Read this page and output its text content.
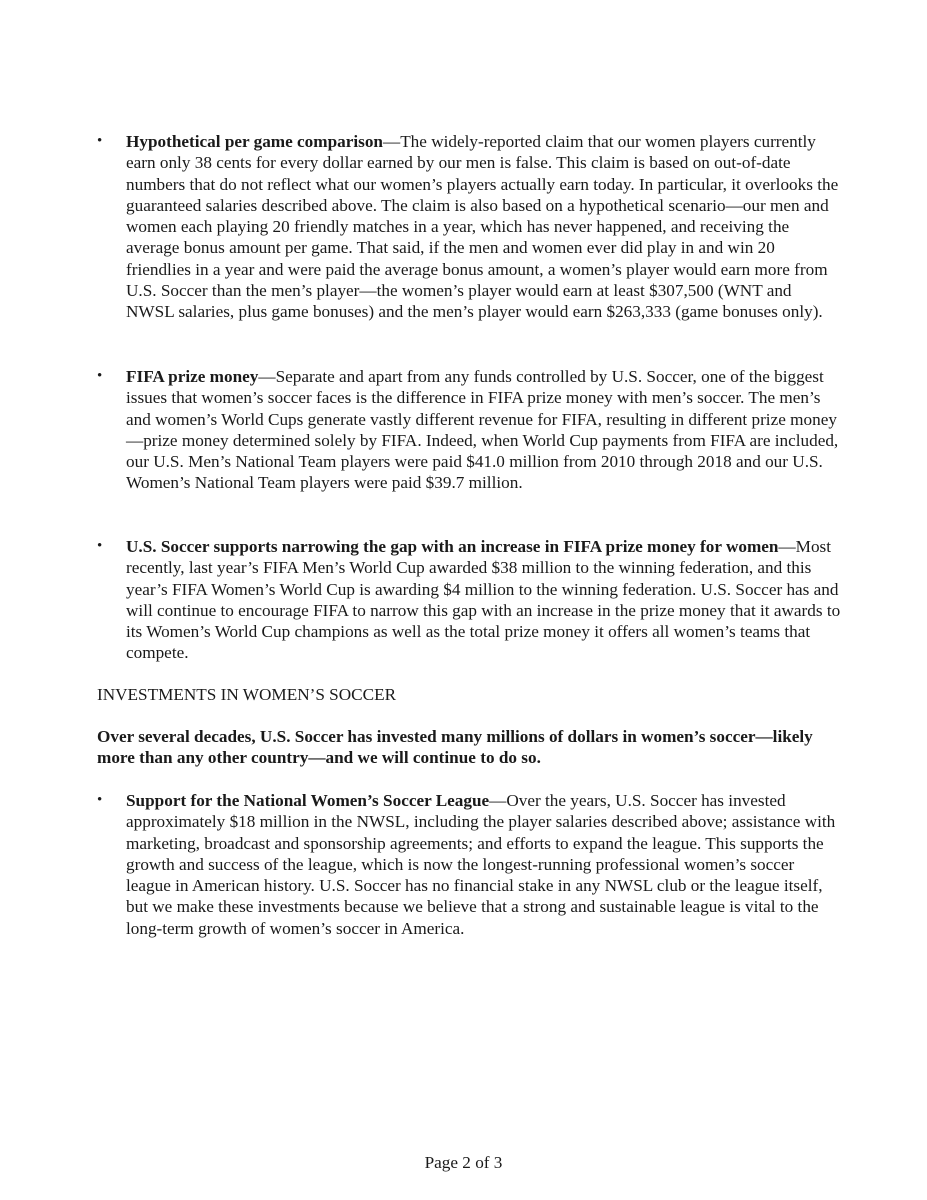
•	Hypothetical per game comparison—The widely-reported claim that our women players currently earn only 38 cents for every dollar earned by our men is false. This claim is based on out-of-date numbers that do not reflect what our women’s players actually earn today. In particular, it overlooks the guaranteed salaries described above. The claim is also based on a hypothetical scenario—our men and women each playing 20 friendly matches in a year, which has never happened, and receiving the average bonus amount per game. That said, if the men and women ever did play in and win 20 friendlies in a year and were paid the average bonus amount, a women’s player would earn more from U.S. Soccer than the men’s player—the women’s player would earn at least $307,500 (WNT and NWSL salaries, plus game bonuses) and the men’s player would earn $263,333 (game bonuses only).
•	FIFA prize money—Separate and apart from any funds controlled by U.S. Soccer, one of the biggest issues that women’s soccer faces is the difference in FIFA prize money with men’s soccer. The men’s and women’s World Cups generate vastly different revenue for FIFA, resulting in different prize money—prize money determined solely by FIFA. Indeed, when World Cup payments from FIFA are included, our U.S. Men’s National Team players were paid $41.0 million from 2010 through 2018 and our U.S. Women’s National Team players were paid $39.7 million.
•	U.S. Soccer supports narrowing the gap with an increase in FIFA prize money for women—Most recently, last year’s FIFA Men’s World Cup awarded $38 million to the winning federation, and this year’s FIFA Women’s World Cup is awarding $4 million to the winning federation. U.S. Soccer has and will continue to encourage FIFA to narrow this gap with an increase in the prize money that it awards to its Women’s World Cup champions as well as the total prize money it offers all women’s teams that compete.
INVESTMENTS IN WOMEN’S SOCCER
Over several decades, U.S. Soccer has invested many millions of dollars in women’s soccer—likely more than any other country—and we will continue to do so.
•	Support for the National Women’s Soccer League—Over the years, U.S. Soccer has invested approximately $18 million in the NWSL, including the player salaries described above; assistance with marketing, broadcast and sponsorship agreements; and efforts to expand the league. This supports the growth and success of the league, which is now the longest-running professional women’s soccer league in American history. U.S. Soccer has no financial stake in any NWSL club or the league itself, but we make these investments because we believe that a strong and sustainable league is vital to the long-term growth of women’s soccer in America.
Page 2 of 3
